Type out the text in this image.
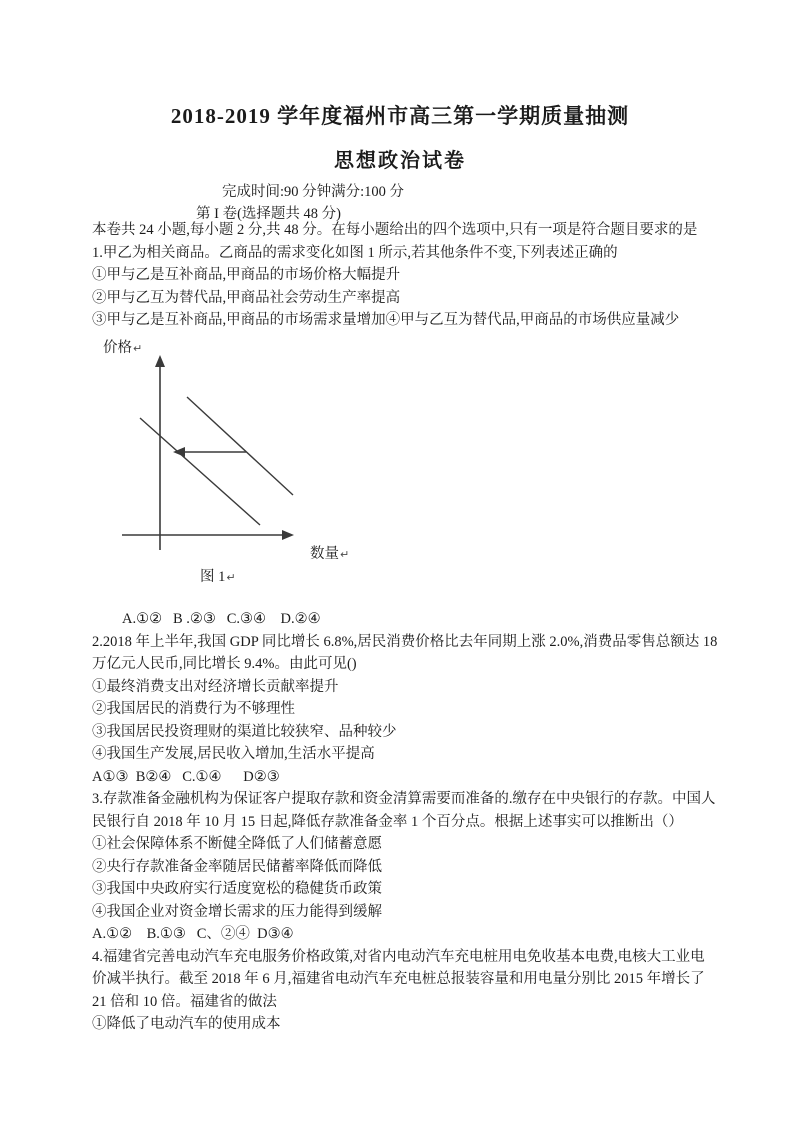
2018-2019 学年度福州市高三第一学期质量抽测
思想政治试卷
完成时间:90 分钟满分:100 分
第 I 卷(选择题共 48 分)
本卷共 24 小题,每小题 2 分,共 48 分。在每小题给出的四个选项中,只有一项是符合题目要求的是
1.甲乙为相关商品。乙商品的需求变化如图 1 所示,若其他条件不变,下列表述正确的
①甲与乙是互补商品,甲商品的市场价格大幅提升
②甲与乙互为替代品,甲商品社会劳动生产率提高
③甲与乙是互补商品,甲商品的市场需求量增加④甲与乙互为替代品,甲商品的市场供应量减少
价格↵
数量↵
图 1↵
A.①②   B .②③   C.③④    D.②④
2.2018 年上半年,我国 GDP 同比增长 6.8%,居民消费价格比去年同期上涨 2.0%,消费品零售总额达 18
万亿元人民币,同比增长 9.4%。由此可见()
①最终消费支出对经济增长贡献率提升
②我国居民的消费行为不够理性
③我国居民投资理财的渠道比较狭窄、品种较少
④我国生产发展,居民收入增加,生活水平提高
A①③  B②④   C.①④      D②③
3.存款准备金融机构为保证客户提取存款和资金清算需要而准备的.缴存在中央银行的存款。中国人
民银行自 2018 年 10 月 15 日起,降低存款准备金率 1 个百分点。根据上述事实可以推断出（）
①社会保障体系不断健全降低了人们储蓄意愿
②央行存款准备金率随居民储蓄率降低而降低
③我国中央政府实行适度宽松的稳健货币政策
④我国企业对资金增长需求的压力能得到缓解
A.①②    B.①③   C、②④  D③④
4.福建省完善电动汽车充电服务价格政策,对省内电动汽车充电桩用电免收基本电费,电核大工业电
价减半执行。截至 2018 年 6 月,福建省电动汽车充电桩总报装容量和用电量分别比 2015 年增长了
21 倍和 10 倍。福建省的做法
①降低了电动汽车的使用成本
